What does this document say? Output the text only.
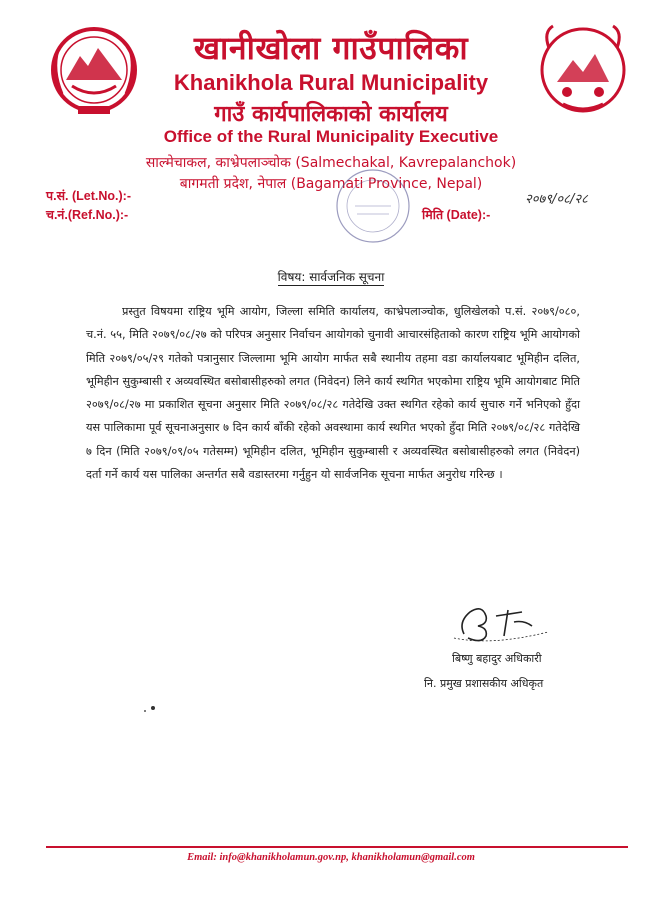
खानीखोला गाउँपालिका
Khanikhola Rural Municipality
गाउँ कार्यपालिकाको कार्यालय
Office of the Rural Municipality Executive
साल्मेचाकल, काभ्रेपलाञ्चोक (Salmechakal, Kavrepalanchok)
बागमती प्रदेश, नेपाल (Bagamati Province, Nepal)
प.सं. (Let.No.):-
च.नं.(Ref.No.):-	मिति (Date):-
२०७९/०८/२८
विषय: सार्वजनिक सूचना
प्रस्तुत विषयमा राष्ट्रिय भूमि आयोग, जिल्ला समिति कार्यालय, काभ्रेपलाञ्चोक, धुलिखेलको प.सं. २०७९/०८०, च.नं. ५५, मिति २०७९/०८/२७ को परिपत्र अनुसार निर्वाचन आयोगको चुनावी आचारसंहिताको कारण राष्ट्रिय भूमि आयोगको मिति २०७९/०५/२९ गतेको पत्रानुसार जिल्लामा भूमि आयोग मार्फत सबै स्थानीय तहमा वडा कार्यालयबाट भूमिहीन दलित, भूमिहीन सुकुम्बासी र अव्यवस्थित बसोबासीहरुको लगत (निवेदन) लिने कार्य स्थगित भएकोमा राष्ट्रिय भूमि आयोगबाट मिति २०७९/०८/२७ मा प्रकाशित सूचना अनुसार मिति २०७९/०८/२८ गतेदेखि उक्त स्थगित रहेको कार्य सुचारु गर्ने भनिएको हुँदा यस पालिकामा पूर्व सूचनाअनुसार ७ दिन कार्य बाँकी रहेको अवस्थामा कार्य स्थगित भएको हुँदा मिति २०७९/०८/२८ गतेदेखि ७ दिन (मिति २०७९/०९/०५ गतेसम्म) भूमिहीन दलित, भूमिहीन सुकुम्बासी र अव्यवस्थित बसोबासीहरुको लगत (निवेदन) दर्ता गर्ने कार्य यस पालिका अन्तर्गत सबै वडास्तरमा गर्नुहुन यो सार्वजनिक सूचना मार्फत अनुरोध गरिन्छ ।
बिष्णु बहादुर अधिकारी
नि. प्रमुख प्रशासकीय अधिकृत
Email: info@khanikholamun.gov.np, khanikholamun@gmail.com
